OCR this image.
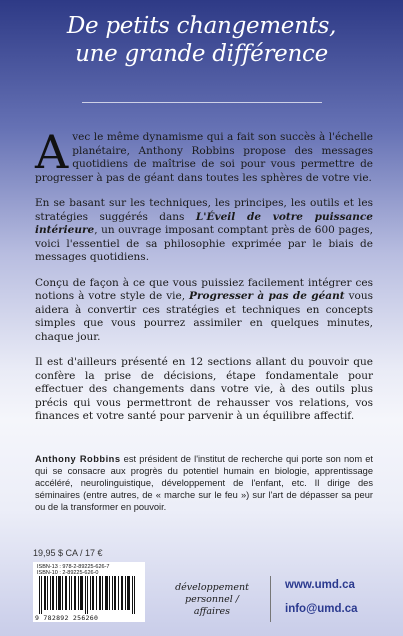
De petits changements,
une grande différence

Avec le même dynamisme qui a fait son succès à l'échelle planétaire, Anthony Robbins propose des messages quotidiens de maîtrise de soi pour vous permettre de progresser à pas de géant dans toutes les sphères de votre vie.

En se basant sur les techniques, les principes, les outils et les stratégies suggérés dans L'Éveil de votre puissance intérieure, un ouvrage imposant comptant près de 600 pages, voici l'essentiel de sa philosophie exprimée par le biais de messages quotidiens.

Conçu de façon à ce que vous puissiez facilement intégrer ces notions à votre style de vie, Progresser à pas de géant vous aidera à convertir ces stratégies et techniques en concepts simples que vous pourrez assimiler en quelques minutes, chaque jour.

Il est d'ailleurs présenté en 12 sections allant du pouvoir que confère la prise de décisions, étape fondamentale pour effectuer des changements dans votre vie, à des outils plus précis qui vous permettront de rehausser vos relations, vos finances et votre santé pour parvenir à un équilibre affectif.

Anthony Robbins est président de l'institut de recherche qui porte son nom et qui se consacre aux progrès du potentiel humain en biologie, apprentissage accéléré, neurolinguistique, développement de l'enfant, etc. Il dirige des séminaires (entre autres, de « marche sur le feu ») sur l'art de dépasser sa peur ou de la transformer en pouvoir.
19,95 $ CA / 17 €
ISBN-13 : 978-2-89225-626-7
ISBN-10 : 2-89225-626-0
9 782892 256260
développement personnel /
affaires
www.umd.ca
info@umd.ca
